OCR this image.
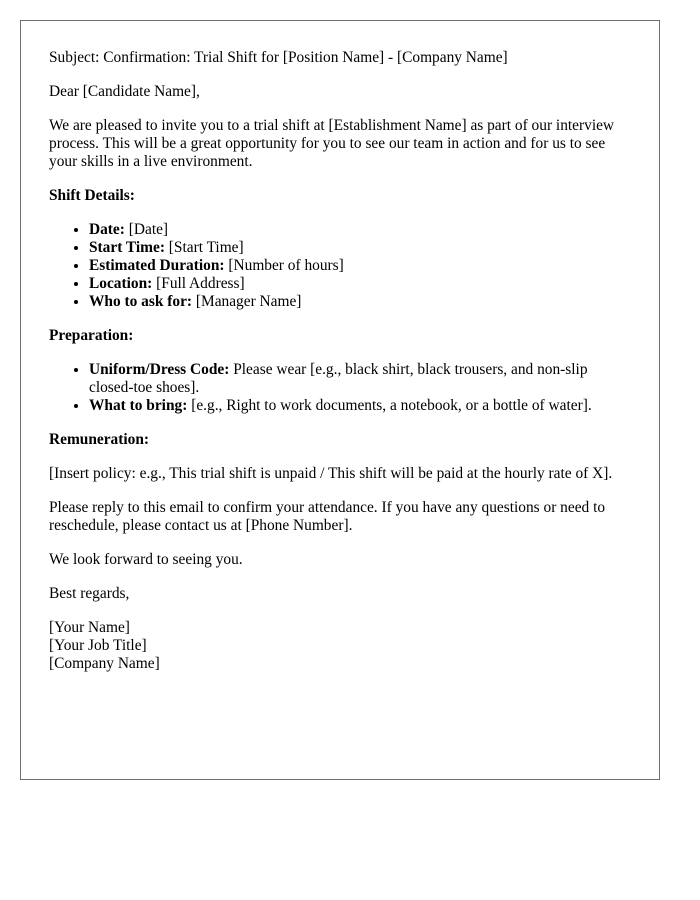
Subject: Confirmation: Trial Shift for [Position Name] - [Company Name]

Dear [Candidate Name],

We are pleased to invite you to a trial shift at [Establishment Name] as part of our interview process. This will be a great opportunity for you to see our team in action and for us to see your skills in a live environment.

Shift Details:

• Date: [Date]
• Start Time: [Start Time]
• Estimated Duration: [Number of hours]
• Location: [Full Address]
• Who to ask for: [Manager Name]

Preparation:

• Uniform/Dress Code: Please wear [e.g., black shirt, black trousers, and non-slip closed-toe shoes].
• What to bring: [e.g., Right to work documents, a notebook, or a bottle of water].

Remuneration:

[Insert policy: e.g., This trial shift is unpaid / This shift will be paid at the hourly rate of X].

Please reply to this email to confirm your attendance. If you have any questions or need to reschedule, please contact us at [Phone Number].

We look forward to seeing you.

Best regards,

[Your Name]
[Your Job Title]
[Company Name]
